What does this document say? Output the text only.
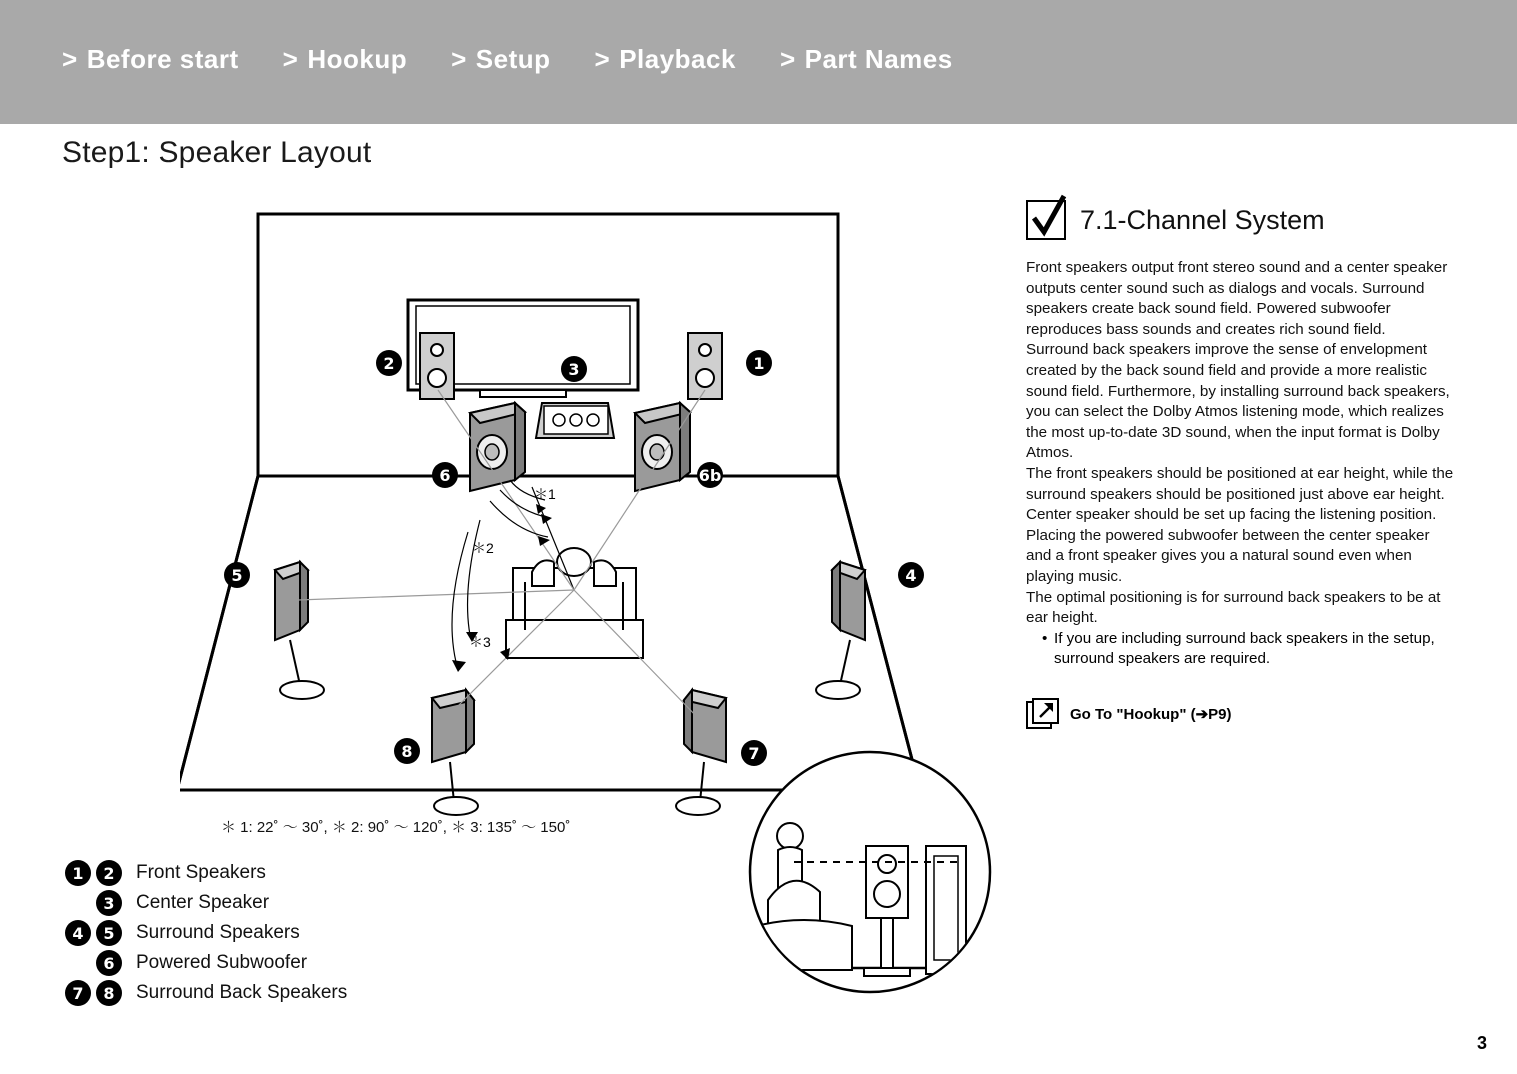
> Before start > Hookup > Setup > Playback > Part Names
Step1: Speaker Layout
＊1
＊2
＊3
1
2	3
4
5
6	6b
7
8
＊ 1: 22˚ ～ 30˚, ＊ 2: 90˚ ～ 120˚, ＊ 3: 135˚ ～ 150˚
7.1-Channel System

Front speakers output front stereo sound and a center speaker outputs center sound such as dialogs and vocals. Surround speakers create back sound field. Powered subwoofer reproduces bass sounds and creates rich sound field.

Surround back speakers improve the sense of envelopment created by the back sound field and provide a more realistic sound field. Furthermore, by installing surround back speakers, you can select the Dolby Atmos listening mode, which realizes the most up-to-date 3D sound, when the input format is Dolby Atmos.

The front speakers should be positioned at ear height, while the surround speakers should be positioned just above ear height. Center speaker should be set up facing the listening position.

Placing the powered subwoofer between the center speaker and a front speaker gives you a natural sound even when playing music.

The optimal positioning is for surround back speakers to be at ear height.

• If you are including surround back speakers in the setup, surround speakers are required.
Go To "Hookup" (➔P9)
1	2	Front Speakers
3	Center Speaker
4	5	Surround Speakers
6	Powered Subwoofer
7	8	Surround Back Speakers
3
